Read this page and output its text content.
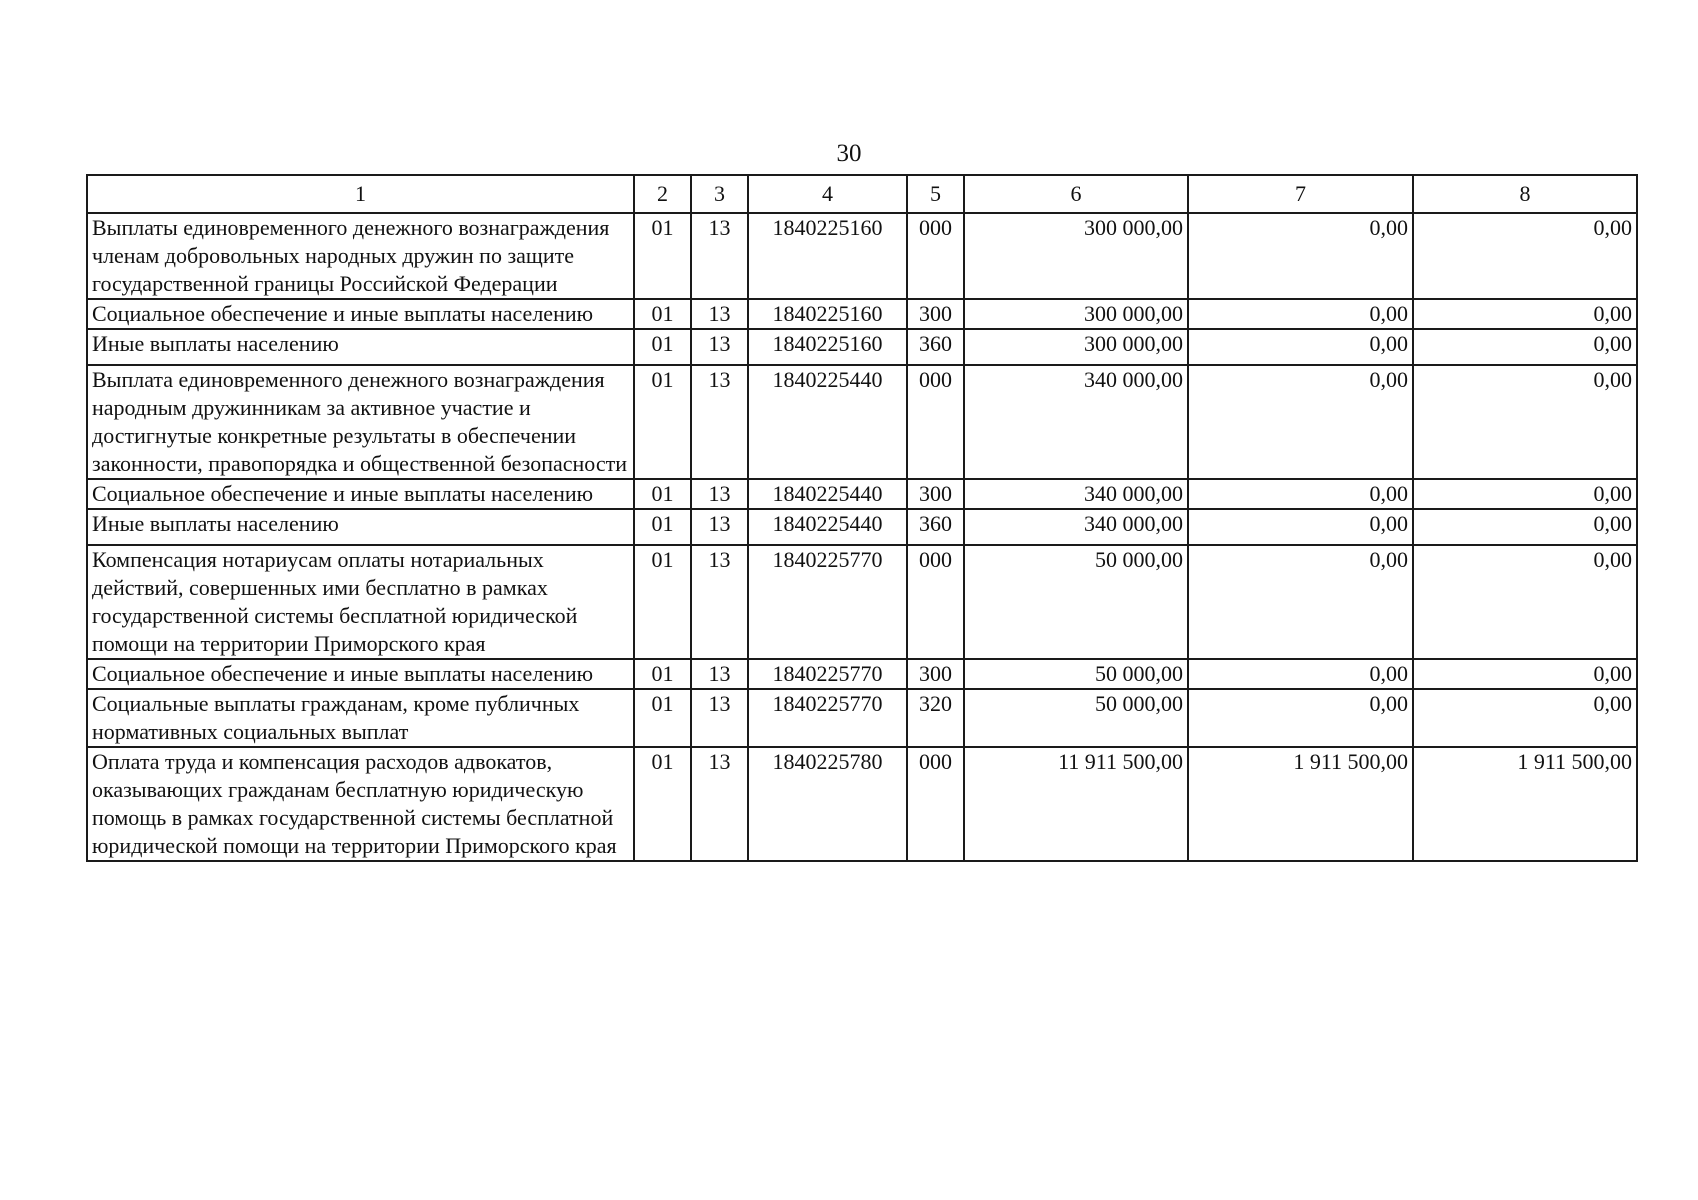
30
1	2	3	4	5	6	7	8
Выплаты единовременного денежного вознаграждения членам добровольных народных дружин по защите государственной границы Российской Федерации	01	13	1840225160	000	300 000,00	0,00	0,00
Социальное обеспечение и иные выплаты населению	01	13	1840225160	300	300 000,00	0,00	0,00
Иные выплаты населению	01	13	1840225160	360	300 000,00	0,00	0,00
Выплата единовременного денежного вознаграждения народным дружинникам за активное участие и достигнутые конкретные результаты в обеспечении законности, правопорядка и общественной безопасности	01	13	1840225440	000	340 000,00	0,00	0,00
Социальное обеспечение и иные выплаты населению	01	13	1840225440	300	340 000,00	0,00	0,00
Иные выплаты населению	01	13	1840225440	360	340 000,00	0,00	0,00
Компенсация нотариусам оплаты нотариальных действий, совершенных ими бесплатно в рамках государственной системы бесплатной юридической помощи на территории Приморского края	01	13	1840225770	000	50 000,00	0,00	0,00
Социальное обеспечение и иные выплаты населению	01	13	1840225770	300	50 000,00	0,00	0,00
Социальные выплаты гражданам, кроме публичных нормативных социальных выплат	01	13	1840225770	320	50 000,00	0,00	0,00
Оплата труда и компенсация расходов адвокатов, оказывающих гражданам бесплатную юридическую помощь в рамках государственной системы бесплатной юридической помощи на территории Приморского края	01	13	1840225780	000	11 911 500,00	1 911 500,00	1 911 500,00
